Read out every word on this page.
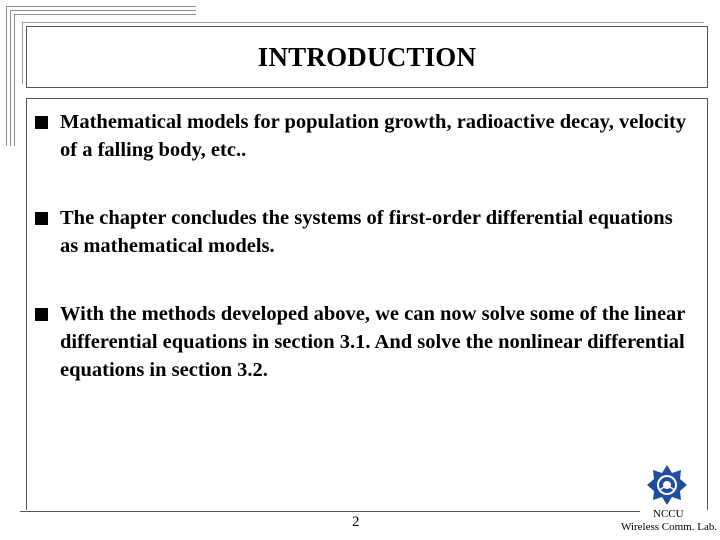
INTRODUCTION
Mathematical models for population growth, radioactive decay, velocity of a falling body, etc..
The chapter concludes the systems of first-order differential equations as mathematical models.
With the methods developed above, we can now solve some of the linear differential equations in section 3.1. And solve the nonlinear differential equations in section 3.2.
2	NCCU
Wireless Comm. Lab.
